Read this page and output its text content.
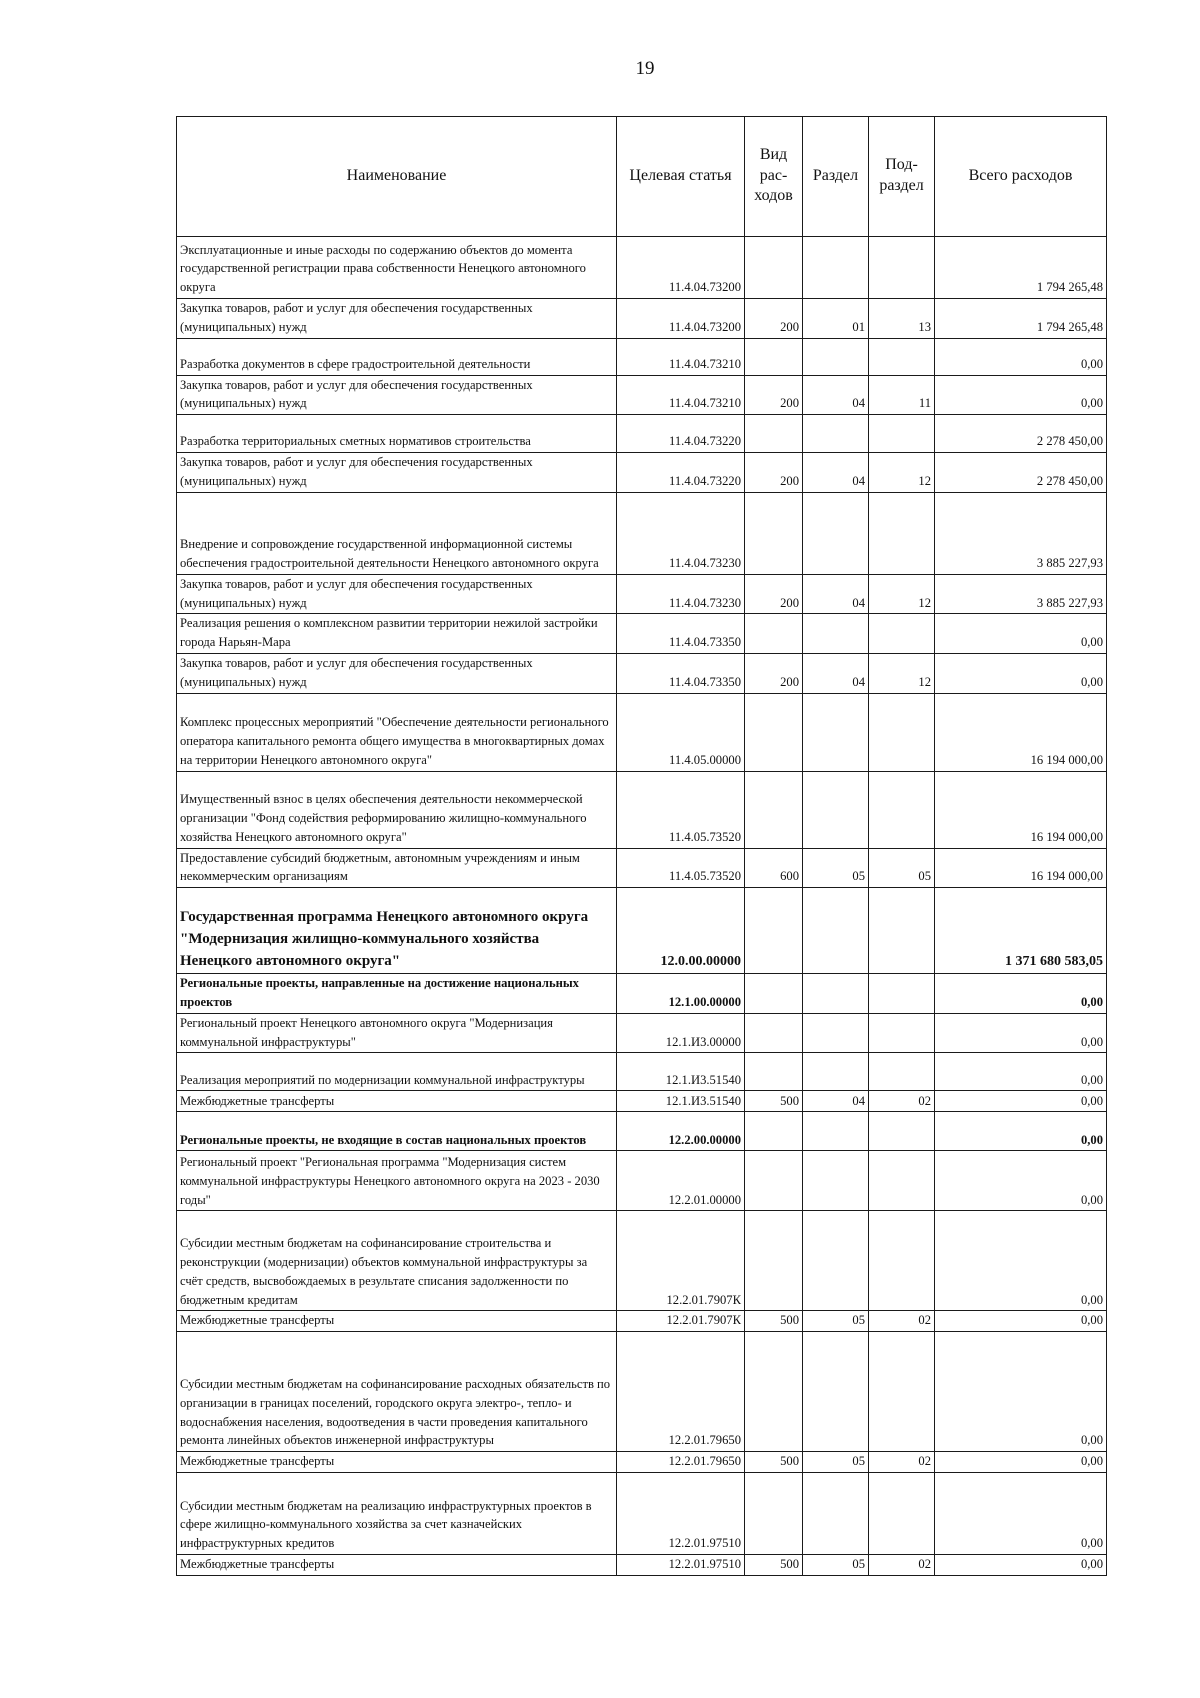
19
Наименование	Целевая статья	Вид рас- ходов	Раздел	Под- раздел	Всего расходов
Эксплуатационные и иные расходы по содержанию объектов до момента государственной регистрации права собственности Ненецкого автономного округа	11.4.04.73200				1 794 265,48
Закупка товаров, работ и услуг для обеспечения государственных (муниципальных) нужд	11.4.04.73200	200	01	13	1 794 265,48
Разработка документов в сфере градостроительной деятельности	11.4.04.73210				0,00
Закупка товаров, работ и услуг для обеспечения государственных (муниципальных) нужд	11.4.04.73210	200	04	11	0,00
Разработка территориальных сметных нормативов строительства	11.4.04.73220				2 278 450,00
Закупка товаров, работ и услуг для обеспечения государственных (муниципальных) нужд	11.4.04.73220	200	04	12	2 278 450,00
Внедрение и сопровождение государственной информационной системы обеспечения градостроительной деятельности Ненецкого автономного округа	11.4.04.73230				3 885 227,93
Закупка товаров, работ и услуг для обеспечения государственных (муниципальных) нужд	11.4.04.73230	200	04	12	3 885 227,93
Реализация решения о комплексном развитии территории нежилой застройки города Нарьян-Мара	11.4.04.73350				0,00
Закупка товаров, работ и услуг для обеспечения государственных (муниципальных) нужд	11.4.04.73350	200	04	12	0,00
Комплекс процессных мероприятий "Обеспечение деятельности регионального оператора капитального ремонта общего имущества в многоквартирных домах на территории Ненецкого автономного округа"	11.4.05.00000				16 194 000,00
Имущественный взнос в целях обеспечения деятельности некоммерческой организации "Фонд содействия реформированию жилищно-коммунального хозяйства Ненецкого автономного округа"	11.4.05.73520				16 194 000,00
Предоставление субсидий бюджетным, автономным учреждениям и иным некоммерческим организациям	11.4.05.73520	600	05	05	16 194 000,00
Государственная программа Ненецкого автономного округа "Модернизация жилищно-коммунального хозяйства Ненецкого автономного округа"	12.0.00.00000				1 371 680 583,05
Региональные проекты, направленные на достижение национальных проектов	12.1.00.00000				0,00
Региональный проект Ненецкого автономного округа "Модернизация коммунальной инфраструктуры"	12.1.И3.00000				0,00
Реализация мероприятий по модернизации коммунальной инфраструктуры	12.1.И3.51540				0,00
Межбюджетные трансферты	12.1.И3.51540	500	04	02	0,00
Региональные проекты, не входящие в состав национальных проектов	12.2.00.00000				0,00
Региональный проект "Региональная программа "Модернизация систем коммунальной инфраструктуры Ненецкого автономного округа на 2023 - 2030 годы"	12.2.01.00000				0,00
Субсидии местным бюджетам на софинансирование строительства и реконструкции (модернизации) объектов коммунальной инфраструктуры за счёт средств, высвобождаемых в результате списания задолженности по бюджетным кредитам	12.2.01.7907К				0,00
Межбюджетные трансферты	12.2.01.7907К	500	05	02	0,00
Субсидии местным бюджетам на софинансирование расходных обязательств по организации в границах поселений, городского округа электро-, тепло- и водоснабжения населения, водоотведения в части проведения капитального ремонта линейных объектов инженерной инфраструктуры	12.2.01.79650				0,00
Межбюджетные трансферты	12.2.01.79650	500	05	02	0,00
Субсидии местным бюджетам на реализацию инфраструктурных проектов в сфере жилищно-коммунального хозяйства за счет казначейских инфраструктурных кредитов	12.2.01.97510				0,00
Межбюджетные трансферты	12.2.01.97510	500	05	02	0,00
